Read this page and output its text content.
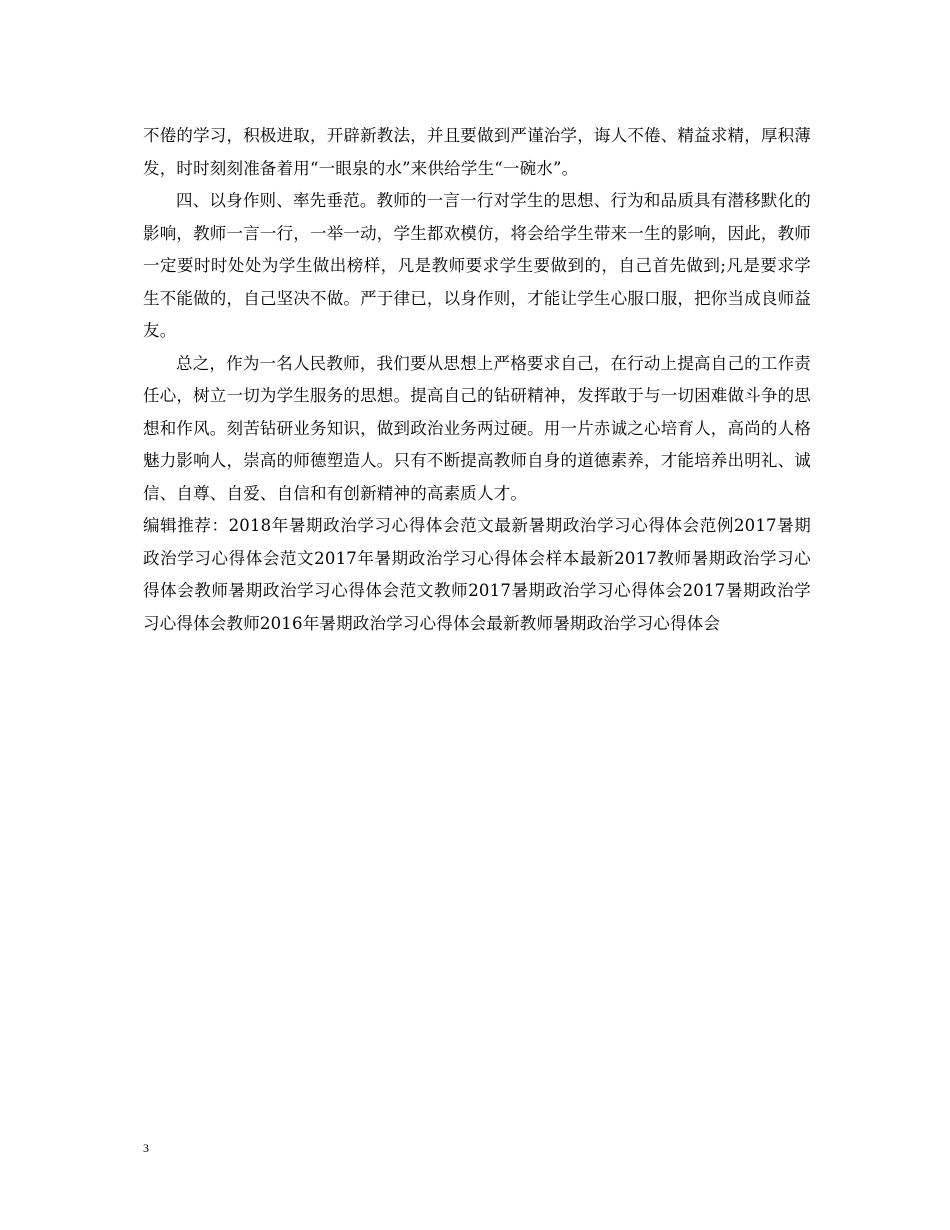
不倦的学习，积极进取，开辟新教法，并且要做到严谨治学，诲人不倦、精益求精，厚积薄发，时时刻刻准备着用“一眼泉的水”来供给学生“一碗水”。

四、以身作则、率先垂范。教师的一言一行对学生的思想、行为和品质具有潜移默化的影响，教师一言一行，一举一动，学生都欢模仿，将会给学生带来一生的影响，因此，教师一定要时时处处为学生做出榜样，凡是教师要求学生要做到的，自己首先做到;凡是要求学生不能做的，自己坚决不做。严于律已，以身作则，才能让学生心服口服，把你当成良师益友。

总之，作为一名人民教师，我们要从思想上严格要求自己，在行动上提高自己的工作责任心，树立一切为学生服务的思想。提高自己的钻研精神，发挥敢于与一切困难做斗争的思想和作风。刻苦钻研业务知识，做到政治业务两过硬。用一片赤诚之心培育人，高尚的人格魅力影响人，崇高的师德塑造人。只有不断提高教师自身的道德素养，才能培养出明礼、诚信、自尊、自爱、自信和有创新精神的高素质人才。

编辑推荐：2018年暑期政治学习心得体会范文最新暑期政治学习心得体会范例2017暑期政治学习心得体会范文2017年暑期政治学习心得体会样本最新2017教师暑期政治学习心得体会教师暑期政治学习心得体会范文教师2017暑期政治学习心得体会2017暑期政治学习心得体会教师2016年暑期政治学习心得体会最新教师暑期政治学习心得体会

3
